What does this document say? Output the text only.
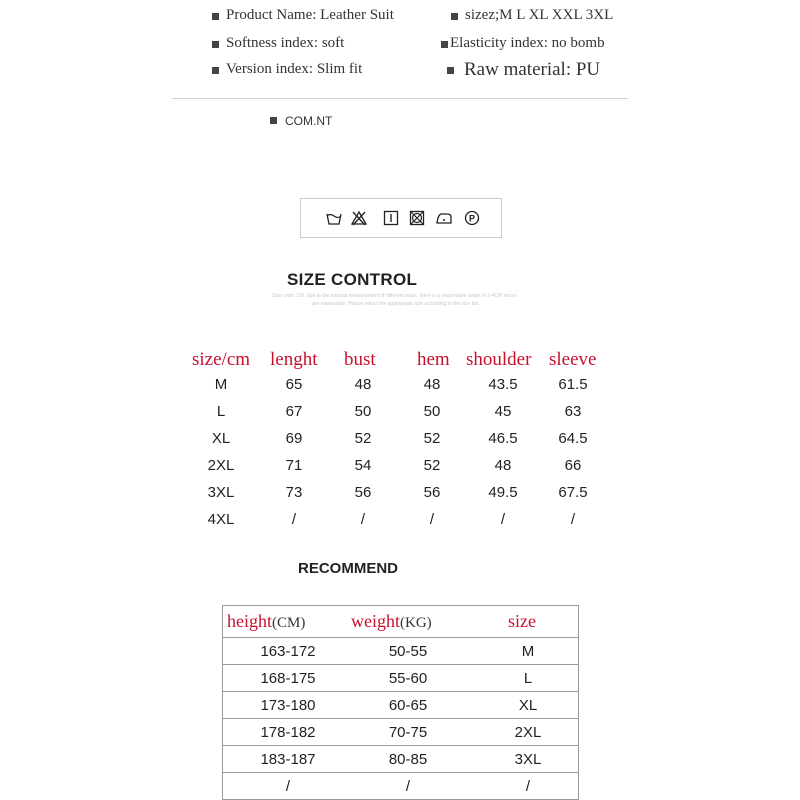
Product Name: Leather Suit	sizez;M L XL XXL 3XL
Softness index: soft	Elasticity index: no bomb
Version index: Slim fit	Raw material: PU
COM.NT
P
SIZE CONTROL
Size units: CM, due to the manual measurement of different ways, there is a reasonable range of 2-4CM errors
are reasonable. Please select the appropriate size according to the size list.
size/cm lenght bust hem shoulder sleeve
M	65	48	48	43.5	61.5
L	67	50	50	45	63
XL	69	52	52	46.5	64.5
2XL	71	54	52	48	66
3XL	73	56	56	49.5	67.5
4XL	/	/	/	/	/
RECOMMEND
height(CM)	weight(KG)	size
163-172	50-55	M
168-175	55-60	L
173-180	60-65	XL
178-182	70-75	2XL
183-187	80-85	3XL
/	/	/
